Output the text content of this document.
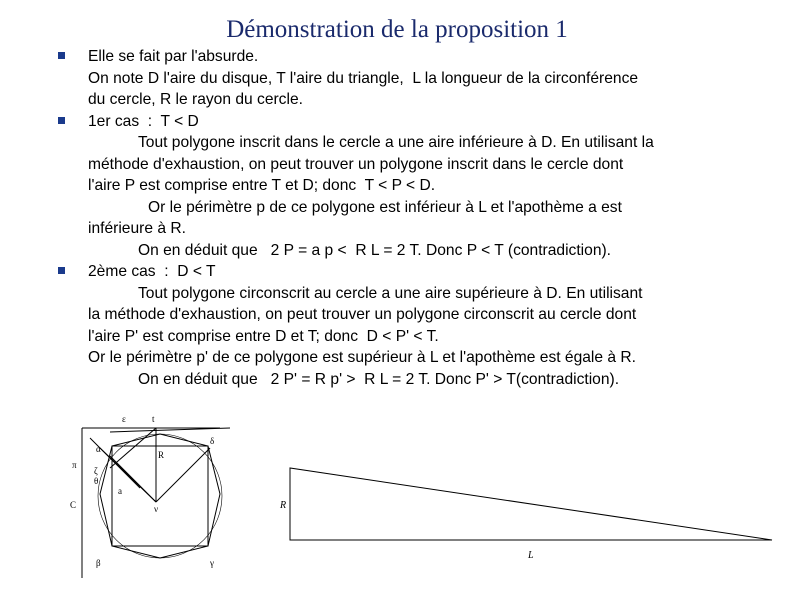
Démonstration de la proposition 1
Elle se fait par l'absurde.
On note D l'aire du disque, T l'aire du triangle,  L la longueur de la circonférence
du cercle, R le rayon du cercle.
1er cas  :  T < D
Tout polygone inscrit dans le cercle a une aire inférieure à D. En utilisant la
méthode d'exhaustion, on peut trouver un polygone inscrit dans le cercle dont
l'aire P est comprise entre T et D; donc  T < P < D.
Or le périmètre p de ce polygone est inférieur à L et l'apothème a est
inférieure à R.
On en déduit que   2 P = a p <  R L = 2 T. Donc P < T (contradiction).
2ème cas  :  D < T
Tout polygone circonscrit au cercle a une aire supérieure à D. En utilisant
la méthode d'exhaustion, on peut trouver un polygone circonscrit au cercle dont
l'aire P' est comprise entre D et T; donc  D < P' < T.
Or le périmètre p' de ce polygone est supérieur à L et l'apothème est égale à R.
On en déduit que   2 P' = R p' >  R L = 2 T. Donc P' > T(contradiction).
ε	t
δ
π
α
R
ζ
θ
a
ν
C
β	γ
R
L
